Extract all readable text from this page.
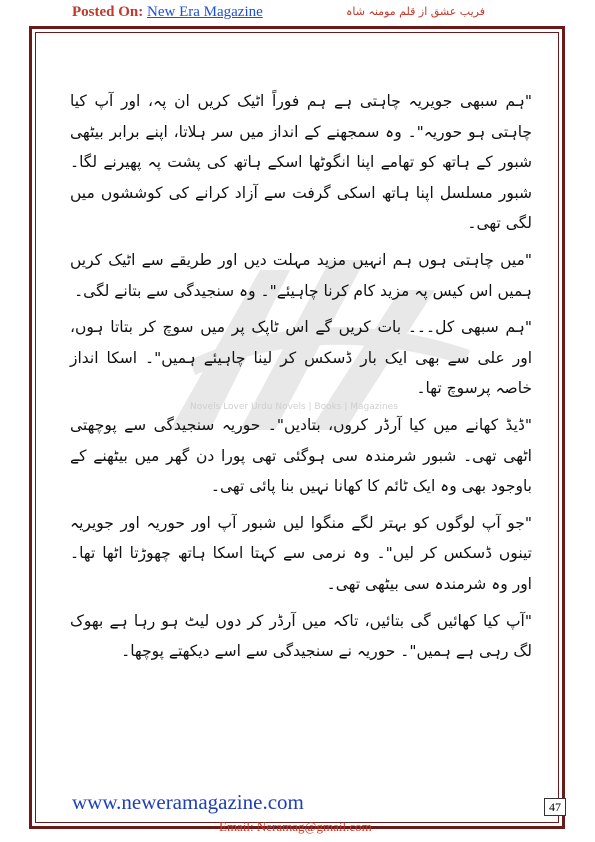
Posted On: New Era Magazine	فریب عشق از قلم مومنہ شاہ
Novels Lover Urdu Novels | Books | Magazines

"ہم سبھی جویریہ چاہتی ہے ہم فوراً اٹیک کریں ان پہ، اور آپ کیا چاہتی ہو حوریہ"۔ وہ سمجھنے کے انداز میں سر ہلاتا، اپنے برابر بیٹھی شبور کے ہاتھ کو تھامے اپنا انگوٹھا اسکے ہاتھ کی پشت پہ پھیرنے لگا۔ شبور مسلسل اپنا ہاتھ اسکی گرفت سے آزاد کرانے کی کوششوں میں لگی تھی۔

"میں چاہتی ہوں ہم انہیں مزید مہلت دیں اور طریقے سے اٹیک کریں ہمیں اس کیس پہ مزید کام کرنا چاہیئے"۔ وہ سنجیدگی سے بتانے لگی۔

"ہم سبھی کل۔۔۔ بات کریں گے اس ٹاپک پر میں سوچ کر بتاتا ہوں، اور علی سے بھی ایک بار ڈسکس کر لینا چاہیئے ہمیں"۔ اسکا انداز خاصہ پرسوچ تھا۔

"ڈیڈ کھانے میں کیا آرڈر کروں، بتادیں"۔ حوریہ سنجیدگی سے پوچھتی اٹھی تھی۔ شبور شرمندہ سی ہوگئی تھی پورا دن گھر میں بیٹھنے کے باوجود بھی وہ ایک ٹائم کا کھانا نہیں بنا پائی تھی۔

"جو آپ لوگوں کو بہتر لگے منگوا لیں شبور آپ اور حوریہ اور جویریہ تینوں ڈسکس کر لیں"۔ وہ نرمی سے کہتا اسکا ہاتھ چھوڑتا اٹھا تھا۔ اور وہ شرمندہ سی بیٹھی تھی۔

"آپ کیا کھائیں گی بتائیں، تاکہ میں آرڈر کر دوں لیٹ ہو رہا ہے بھوک لگ رہی ہے ہمیں"۔ حوریہ نے سنجیدگی سے اسے دیکھتے پوچھا۔

www.neweramagazine.com	47
Email: Neramag@gmail.com
